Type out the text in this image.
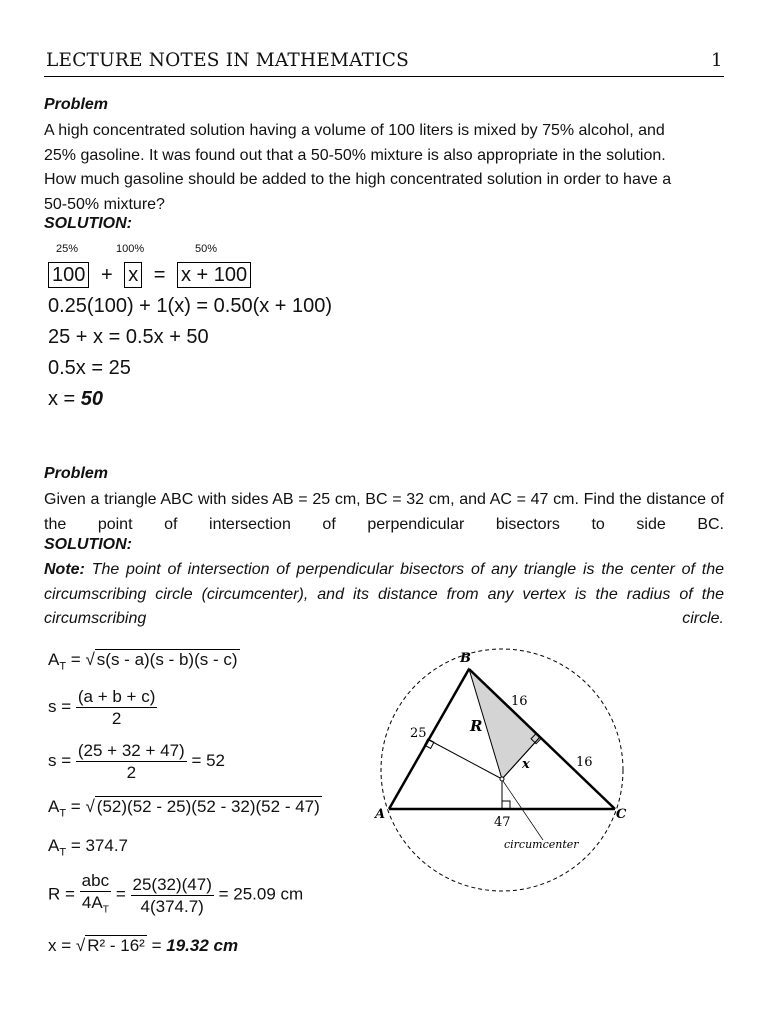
LECTURE NOTES IN MATHEMATICS	1
Problem
A high concentrated solution having a volume of 100 liters is mixed by 75% alcohol, and 25% gasoline. It was found out that a 50-50% mixture is also appropriate in the solution. How much gasoline should be added to the high concentrated solution in order to have a 50-50% mixture?
SOLUTION:
25%	100%	50%
100 + x = x + 100
0.25(100) + 1(x) = 0.50(x + 100)
25 + x = 0.5x + 50
0.5x = 25
x = 50
Problem
Given a triangle ABC with sides AB = 25 cm, BC = 32 cm, and AC = 47 cm. Find the distance of the point of intersection of perpendicular bisectors to side BC.
SOLUTION:
Note: The point of intersection of perpendicular bisectors of any triangle is the center of the circumscribing circle (circumcenter), and its distance from any vertex is the radius of the circumscribing circle.
$A_T$ = √ s(s - a)(s - b)(s - c)
$s = \frac{(a + b + c)}{2}$
$s = \frac{(25 + 32 + 47)}{2} = 52$
$A_T$ = √ (52)(52 - 25)(52 - 32)(52 - 47)
$A_T = 374.7$
$R = \frac{\text{abc}}{4A_T} = \frac{25(32)(47)}{4(374.7)} = 25.09$ cm
x = √ R² - 16² = 19.32 cm
B
A	C
R
x
25
16
16
47
circumcenter
